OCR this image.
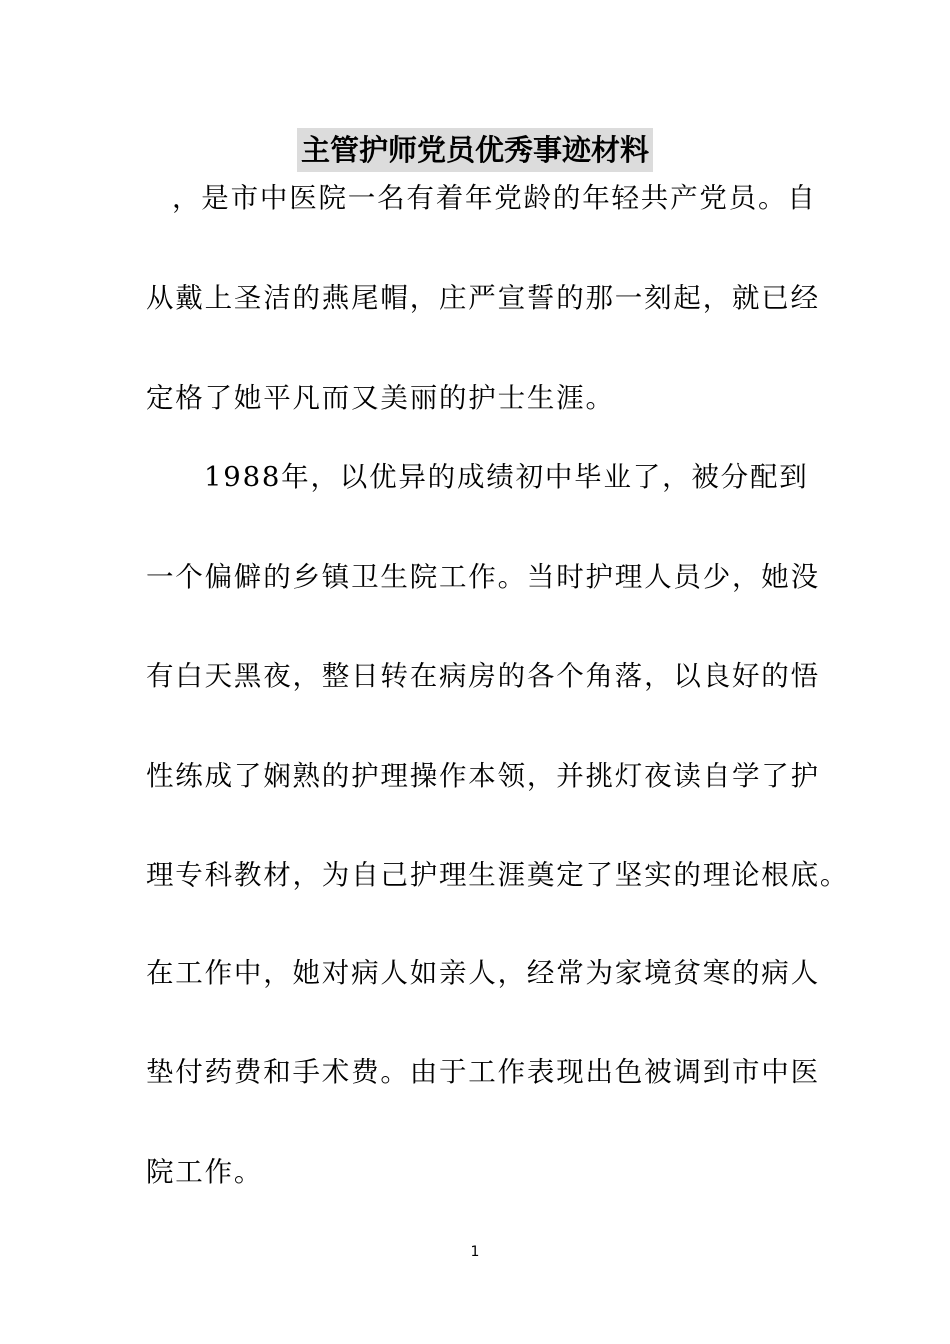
主管护师党员优秀事迹材料
，是市中医院一名有着年党龄的年轻共产党员。自
从戴上圣洁的燕尾帽，庄严宣誓的那一刻起，就已经
定格了她平凡而又美丽的护士生涯。
1988年，以优异的成绩初中毕业了，被分配到
一个偏僻的乡镇卫生院工作。当时护理人员少，她没
有白天黑夜，整日转在病房的各个角落，以良好的悟
性练成了娴熟的护理操作本领，并挑灯夜读自学了护
理专科教材，为自己护理生涯奠定了坚实的理论根底。
在工作中，她对病人如亲人，经常为家境贫寒的病人
垫付药费和手术费。由于工作表现出色被调到市中医
院工作。
1
